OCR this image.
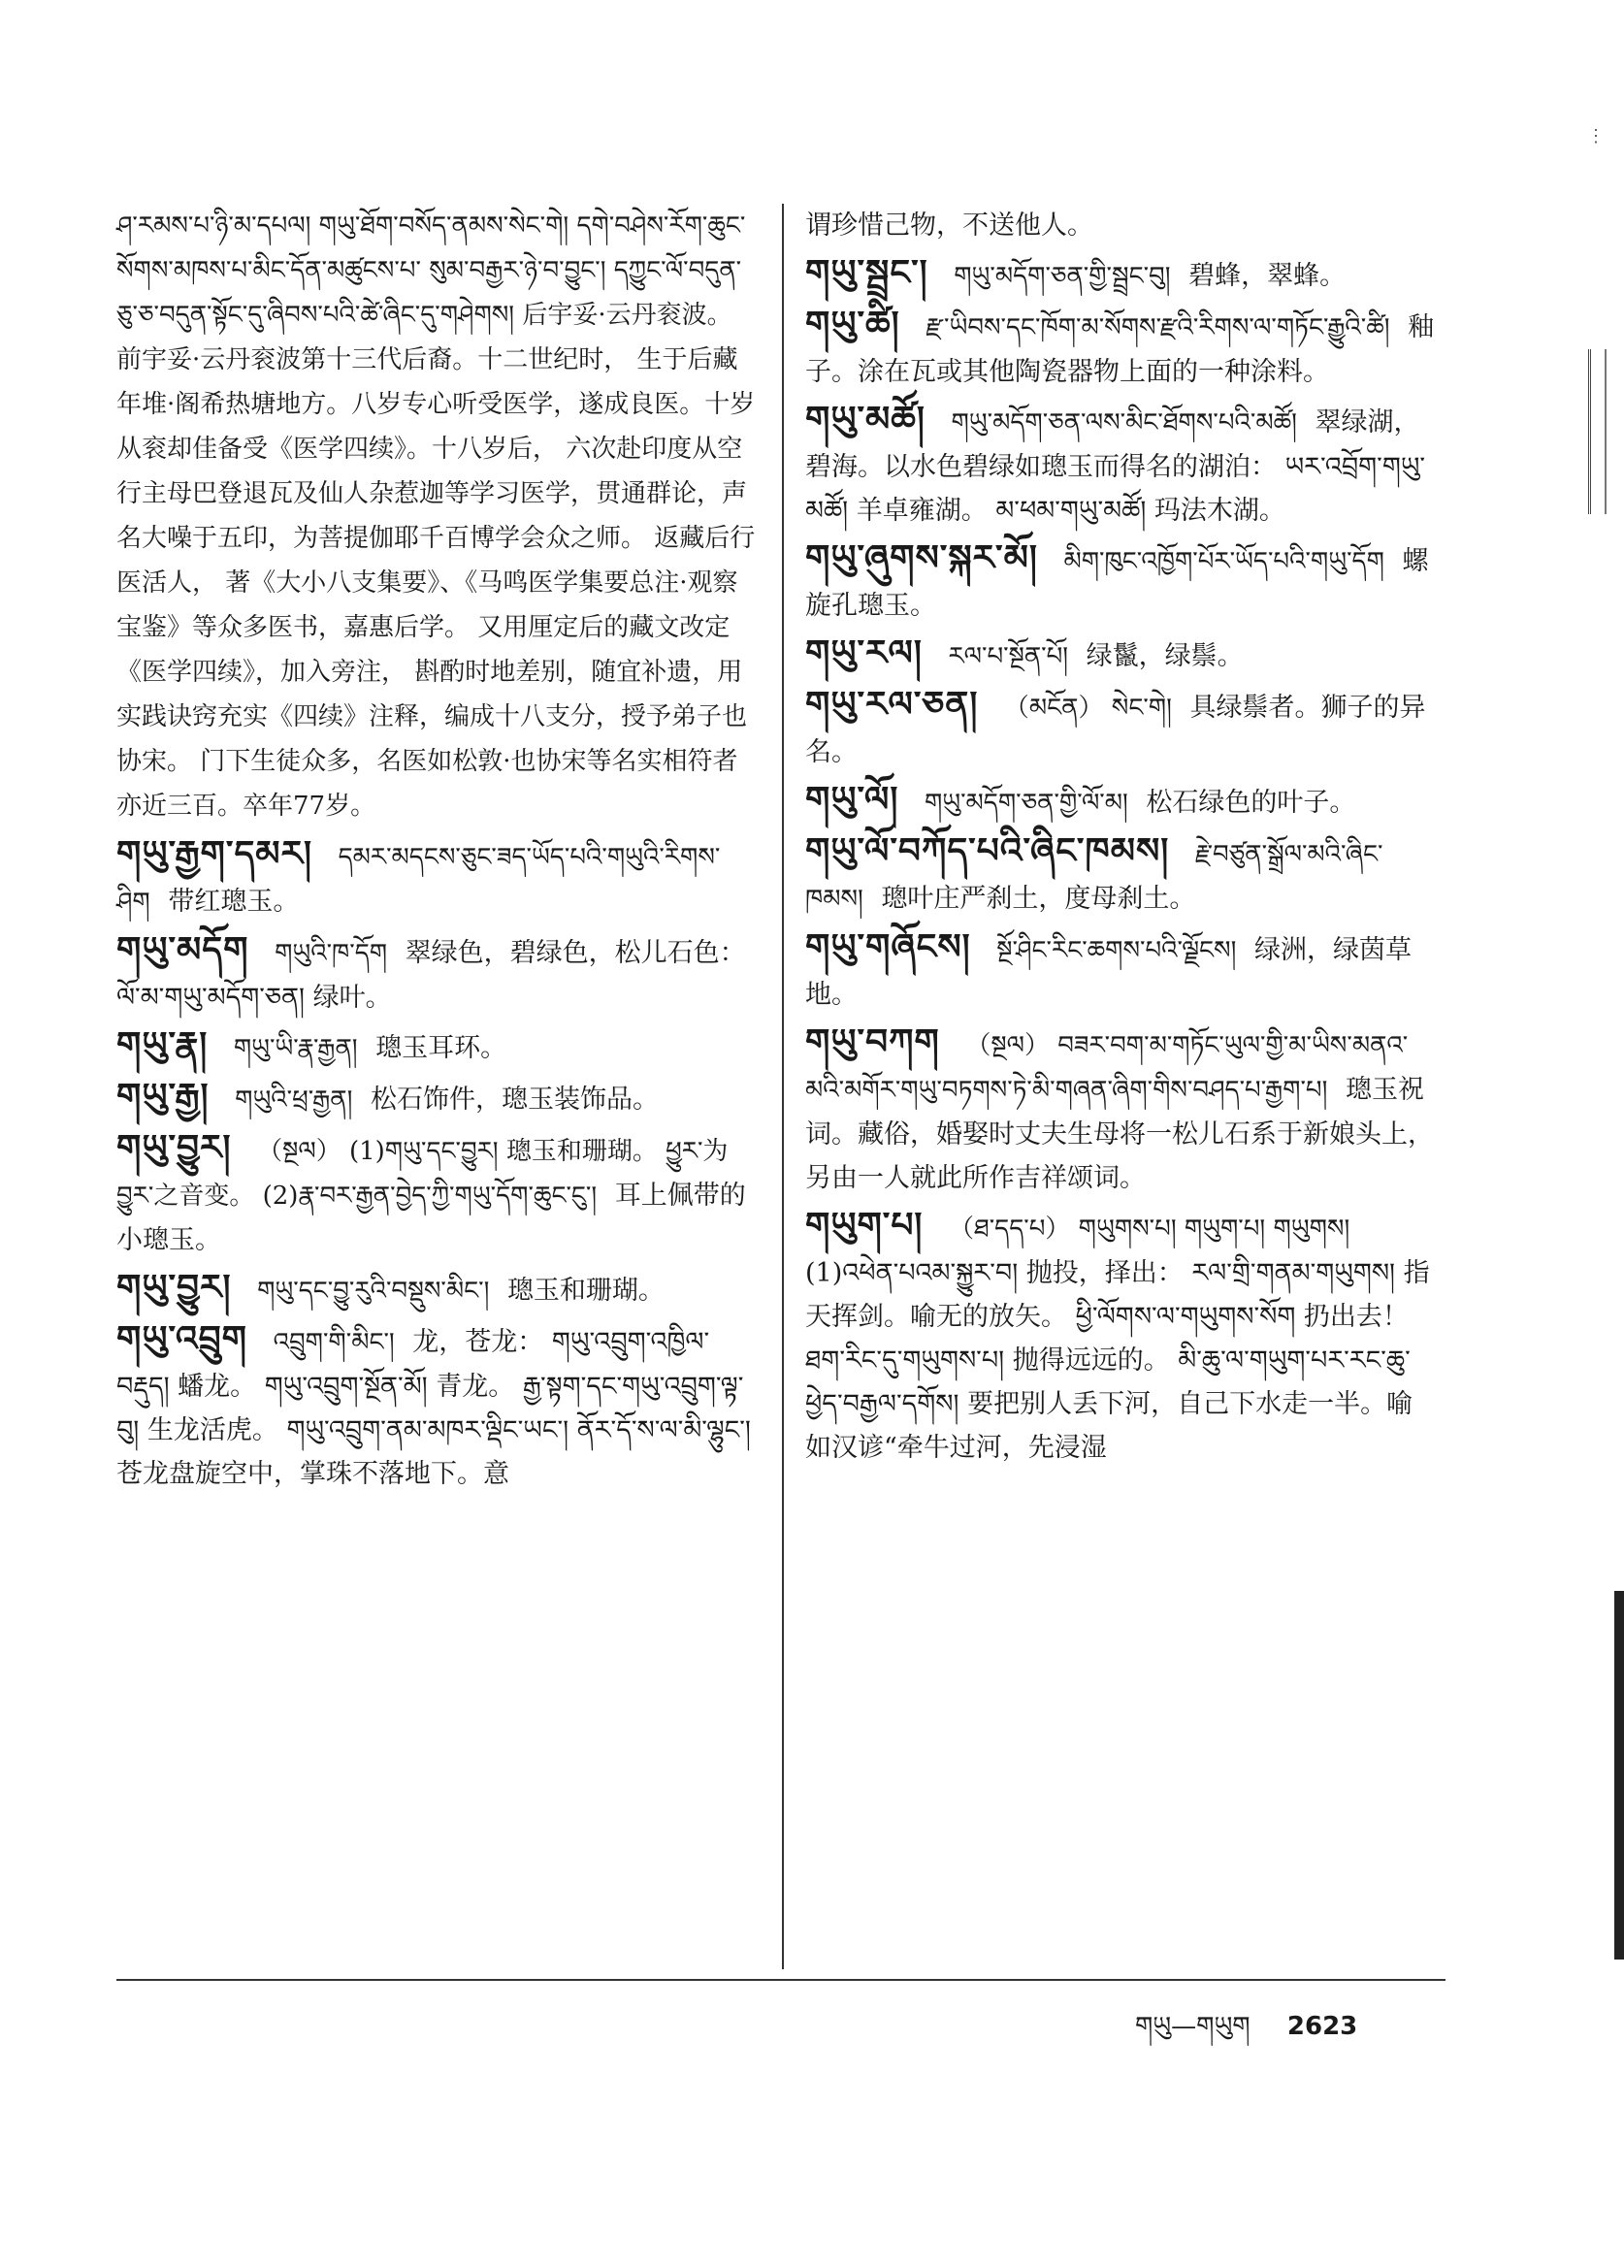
⋮
ཤ་རམས་པ་ཉི་མ་དཔལ། གཡུ་ཐོག་བསོད་ནམས་སེང་གེ། དགེ་བཤེས་རོག་ཆུང་སོགས་མཁས་པ་མིང་དོན་མཚུངས་པ་ སུམ་བརྒྱར་ཉེ་བ་བྱུང་། དཀྱུང་ལོ་བདུན་ཅུ་ཅ་བདུན་སྟོང་དུ་ཞིབས་པའི་ཚེ་ཞིང་དུ་གཤེགས། 后宇妥·云丹衮波。前宇妥·云丹衮波第十三代后裔。十二世纪时， 生于后藏年堆·阁希热塘地方。八岁专心听受医学，遂成良医。十岁从衮却佳备受《医学四续》。十八岁后， 六次赴印度从空行主母巴登退瓦及仙人杂惹迦等学习医学，贯通群论，声名大噪于五印，为菩提伽耶千百博学会众之师。 返藏后行医活人， 著《大小八支集要》、《马鸣医学集要总注·观察宝鉴》等众多医书，嘉惠后学。 又用厘定后的藏文改定《医学四续》，加入旁注， 斟酌时地差别，随宜补遗，用实践诀窍充实《四续》注释，编成十八支分，授予弟子也协宋。 门下生徒众多，名医如松敦·也协宋等名实相符者亦近三百。卒年77岁。
གཡུ་རྒྱག་དམར། དམར་མདངས་ཅུང་ཟད་ཡོད་པའི་གཡུའི་རིགས་ཤིག 带红璁玉。
གཡུ་མདོག གཡུའི་ཁ་དོག 翠绿色，碧绿色，松儿石色： ལོ་མ་གཡུ་མདོག་ཅན། 绿叶。
གཡུ་རྣ། གཡུ་ཡི་རྣ་རྒྱན། 璁玉耳环。
གཡུ་རྒྱ། གཡུའི་ཕྲ་རྒྱན། 松石饰件，璁玉装饰品。
གཡུ་བྱུར། （སྔལ） (1)གཡུ་དང་བྱུར། 璁玉和珊瑚。 ཕྱུར་为བྱུར་之音变。 (2)རྣ་བར་རྒྱན་བྱེད་ཀྱི་གཡུ་དོག་ཆུང་ངུ་། 耳上佩带的小璁玉。
གཡུ་བྱུར། གཡུ་དང་བྱུ་རུའི་བསྡུས་མིང་། 璁玉和珊瑚。
གཡུ་འབྲུག འབྲུག་གི་མིང་། 龙，苍龙： གཡུ་འབྲུག་འཁྱིལ་བརྡུད། 蟠龙。 གཡུ་འབྲུག་སྔོན་མོ། 青龙。 རྒྱ་སྟག་དང་གཡུ་འབྲུག་ལྟ་བུ། 生龙活虎。 གཡུ་འབྲུག་ནམ་མཁར་ལྡིང་ཡང་། ནོར་དོ་ས་ལ་མི་ལྷུང་། 苍龙盘旋空中，掌珠不落地下。意
谓珍惜己物，不送他人。
གཡུ་སྦྲང་། གཡུ་མདོག་ཅན་གྱི་སྦྲང་བུ། 碧蜂，翠蜂。
གཡུ་ཚི། རྫ་ཡིབས་དང་ཁོག་མ་སོགས་རྫའི་རིགས་ལ་གཏོང་རྒྱུའི་ཚི། 釉子。涂在瓦或其他陶瓷器物上面的一种涂料。
གཡུ་མཚོ། གཡུ་མདོག་ཅན་ལས་མིང་ཐོགས་པའི་མཚོ། 翠绿湖，碧海。以水色碧绿如璁玉而得名的湖泊： ཡར་འབྲོག་གཡུ་མཚོ། 羊卓雍湖。 མ་ཕམ་གཡུ་མཚོ། 玛法木湖。
གཡུ་ཞུགས་སྐར་མོ། མིག་ཁུང་འཁྱོག་པོར་ཡོད་པའི་གཡུ་དོག 螺旋孔璁玉。
གཡུ་རལ། རལ་པ་སྔོན་པོ། 绿鬣，绿鬃。
གཡུ་རལ་ཅན། （མངོན） སེང་གེ། 具绿鬃者。狮子的异名。
གཡུ་ལོ། གཡུ་མདོག་ཅན་གྱི་ལོ་མ། 松石绿色的叶子。
གཡུ་ལོ་བཀོད་པའི་ཞིང་ཁམས། རྗེ་བཙུན་སྒྲོལ་མའི་ཞིང་ཁམས། 璁叶庄严刹土，度母刹土。
གཡུ་གཞོངས། སྔོ་ཤིང་རིང་ཆགས་པའི་ལྗོངས། 绿洲，绿茵草地。
གཡུ་བཀག （སྔལ） བཟར་བག་མ་གཏོང་ཡུལ་གྱི་མ་ཡིས་མནའ་མའི་མགོར་གཡུ་བཏགས་ཏེ་མི་གཞན་ཞིག་གིས་བཤད་པ་རྒྱག་པ། 璁玉祝词。藏俗，婚娶时丈夫生母将一松儿石系于新娘头上， 另由一人就此所作吉祥颂词。
གཡུག་པ། （ཐ་དད་པ） གཡུགས་པ། གཡུག་པ། གཡུགས། (1)འཕེན་པའམ་སྐྱུར་བ། 抛投，择出： རལ་གྲི་གནམ་གཡུགས། 指天挥剑。喻无的放矢。 ཕྱི་ལོགས་ལ་གཡུགས་སོག 扔出去！ ཐག་རིང་དུ་གཡུགས་པ། 抛得远远的。 མི་ཆུ་ལ་གཡུག་པར་རང་ཆུ་ཕྱེད་བརྒྱལ་དགོས། 要把别人丢下河，自己下水走一半。喻如汉谚“牵牛过河，先浸湿
གཡུ—གཡུག 2623
